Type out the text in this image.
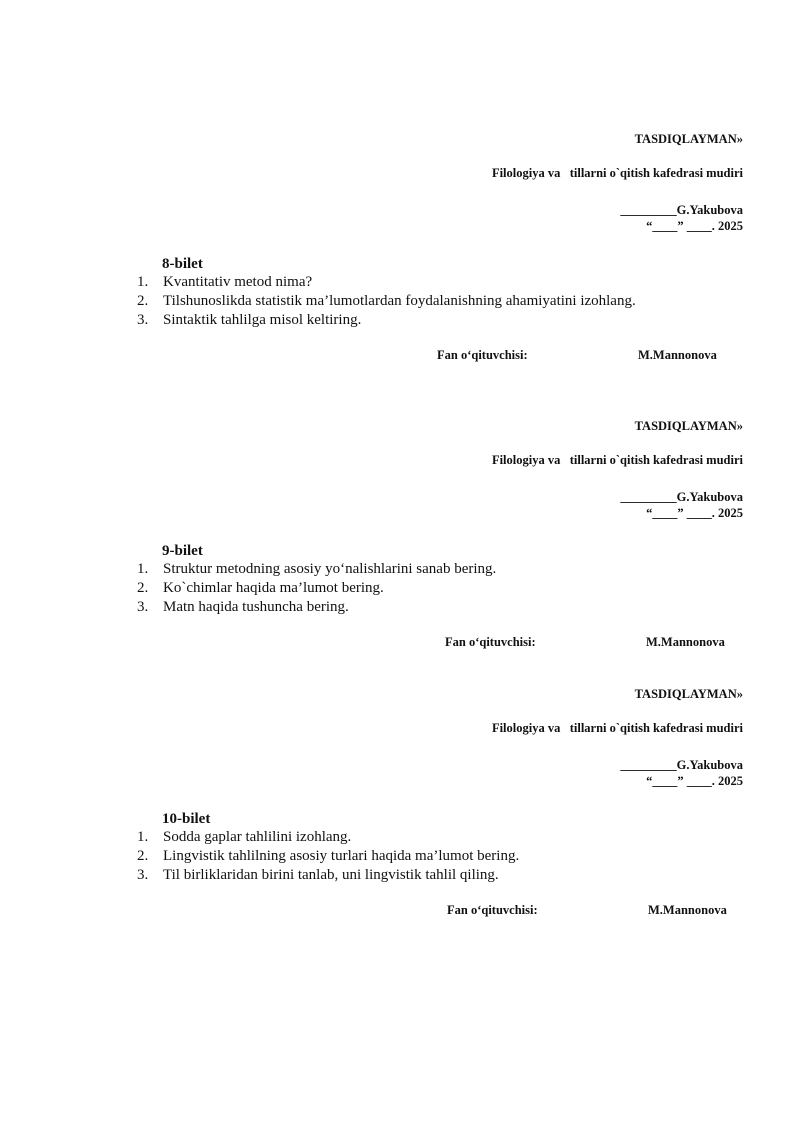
TASDIQLAYMAN»
Filologiya va   tillarni o`qitish kafedrasi mudiri
_________G.Yakubova
“____” ____. 2025
8-bilet
1. Kvantitativ metod nima?
2. Tilshunoslikda statistik ma’lumotlardan foydalanishning ahamiyatini izohlang.
3. Sintaktik tahlilga misol keltiring.
Fan o‘qituvchisi:	M.Mannonova
TASDIQLAYMAN»
Filologiya va   tillarni o`qitish kafedrasi mudiri
_________G.Yakubova
“____” ____. 2025
9-bilet
1. Struktur metodning asosiy yo‘nalishlarini sanab bering.
2. Ko`chimlar haqida ma’lumot bering.
3. Matn haqida tushuncha bering.
Fan o‘qituvchisi:	M.Mannonova
TASDIQLAYMAN»
Filologiya va   tillarni o`qitish kafedrasi mudiri
_________G.Yakubova
“____” ____. 2025
10-bilet
1. Sodda gaplar tahlilini izohlang.
2. Lingvistik tahlilning asosiy turlari haqida ma’lumot bering.
3. Til birliklaridan birini tanlab, uni lingvistik tahlil qiling.
Fan o‘qituvchisi:	M.Mannonova
